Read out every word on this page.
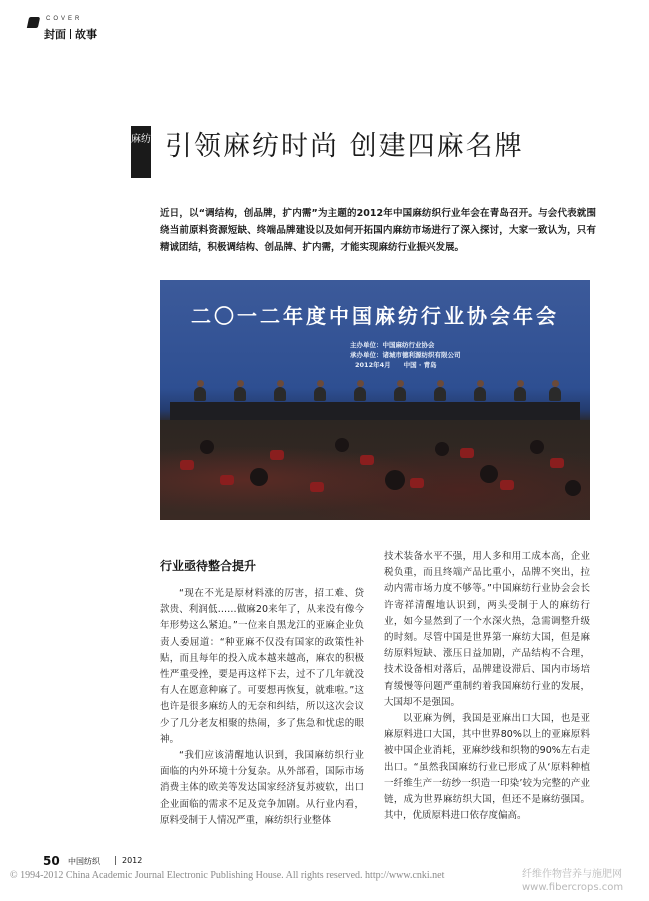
COVER
封面 故事
麻纺 引领麻纺时尚 创建四麻名牌
近日，以“调结构，创品牌，扩内需”为主题的2012年中国麻纺织行业年会在青岛召开。与会代表就围绕当前原料资源短缺、终端品牌建设以及如何开拓国内麻纺市场进行了深入探讨，大家一致认为，只有精诚团结，积极调结构、创品牌、扩内需，才能实现麻纺行业振兴发展。
二〇一二年度中国麻纺行业协会年会
主办单位：中国麻纺行业协会
承办单位：诸城市德利源纺织有限公司
2012年4月　　中国 · 青岛
行业亟待整合提升

“现在不光是原材料涨的厉害，招工难、贷款贵、利润低……做麻20来年了，从来没有像今年形势这么紧迫。”一位来自黑龙江的亚麻企业负责人委屈道：“种亚麻不仅没有国家的政策性补贴，而且每年的投入成本越来越高，麻农的积极性严重受挫，要是再这样下去，过不了几年就没有人在愿意种麻了。可要想再恢复，就难啦。”这也许是很多麻纺人的无奈和纠结，所以这次会议少了几分老友相聚的热闹，多了焦急和忧虑的眼神。

“我们应该清醒地认识到，我国麻纺织行业面临的内外环境十分复杂。从外部看，国际市场消费主体的欧美等发达国家经济复苏疲软，出口企业面临的需求不足及竞争加剧。从行业内看，原料受制于人情况严重，麻纺织行业整体

技术装备水平不强，用人多和用工成本高，企业税负重，而且终端产品比重小，品牌不突出，拉动内需市场力度不够等。”中国麻纺行业协会会长许寄祥清醒地认识到，两头受制于人的麻纺行业，如今显然到了一个水深火热，急需调整升级的时刻。尽管中国是世界第一麻纺大国，但是麻纺原料短缺、涨压日益加剧，产品结构不合理，技术设备相对落后，品牌建设滞后、国内市场培育缓慢等问题严重制约着我国麻纺行业的发展，大国却不是强国。

以亚麻为例，我国是亚麻出口大国，也是亚麻原料进口大国，其中世界80%以上的亚麻原料被中国企业消耗，亚麻纱线和织物的90%左右走出口。“虽然我国麻纺行业已形成了从‘原料种植一纤维生产一纺纱一织造一印染’较为完整的产业链，成为世界麻纺织大国，但还不是麻纺强国。其中，优质原料进口依存度偏高。

50 中国纺织	2012
© 1994-2012 China Academic Journal Electronic Publishing House. All rights reserved. http://www.cnki.net	纤维作物营养与施肥网
www.fibercrops.com
